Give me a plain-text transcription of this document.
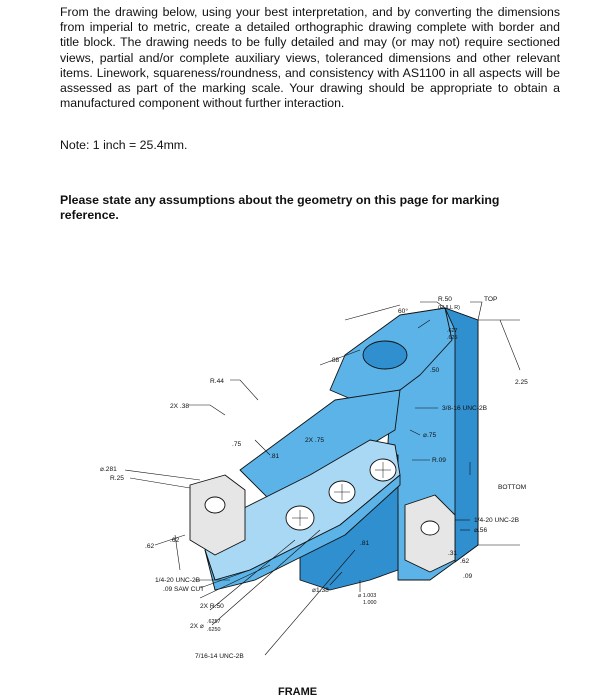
From the drawing below, using your best interpretation, and by converting the dimensions from imperial to metric, create a detailed orthographic drawing complete with border and title block. The drawing needs to be fully detailed and may (or may not) require sectioned views, partial and/or complete auxiliary views, toleranced dimensions and other relevant items. Linework, squareness/roundness, and consistency with AS1100 in all aspects will be assessed as part of the marking scale. Your drawing should be appropriate to obtain a manufactured component without further interaction.

Note: 1 inch = 25.4mm.

Please state any assumptions about the geometry on this page for marking reference.

60°
R.50
(FULL R)
TOP
.627
.625
.88
.50
2.25
R.44
2X .38	3/8-16 UNC-2B
⌀.75
2X .75
.75
.81
R.09
⌀.281
R.25
BOTTOM
1/4-20 UNC-2B
⌀.56
.62
.62	.81
.31
.62
.09
1/4-20 UNC-2B
.09 SAW CUT
2X R.50
2X ⌀
.6257
.6250
⌀1.38
⌀ 1.003
1.000
7/16-14 UNC-2B
FRAME
